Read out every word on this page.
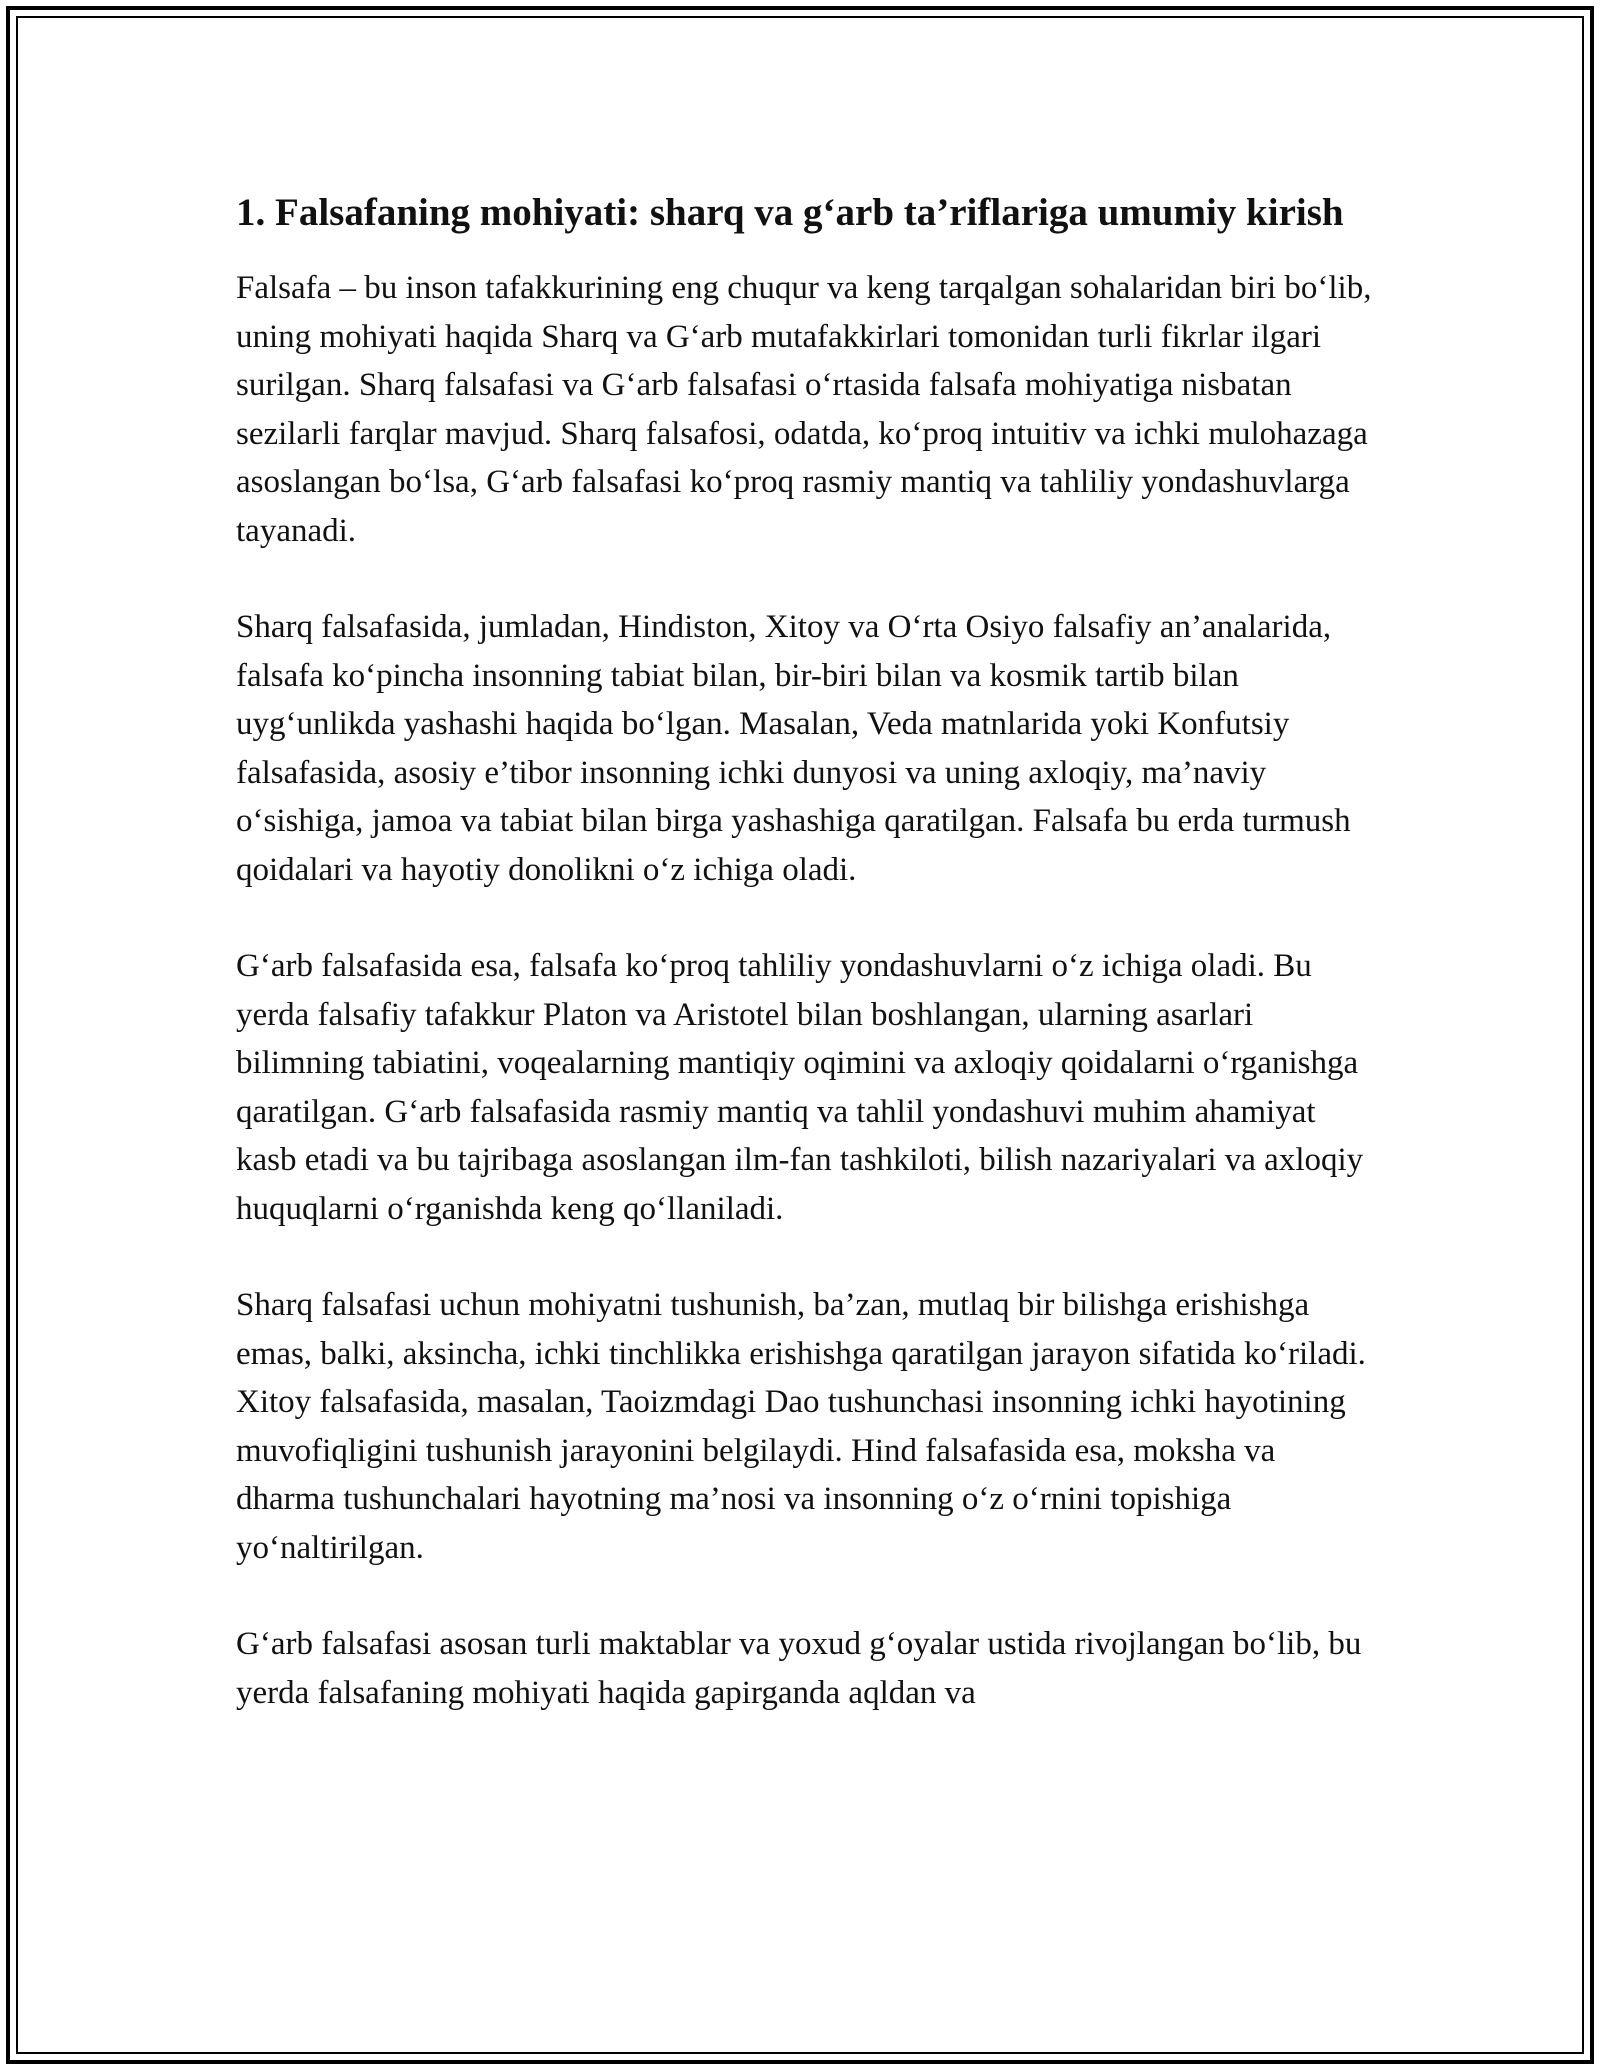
1. Falsafaning mohiyati: sharq va g‘arb ta’riflariga umumiy kirish

Falsafa – bu inson tafakkurining eng chuqur va keng tarqalgan sohalaridan biri bo‘lib, uning mohiyati haqida Sharq va G‘arb mutafakkirlari tomonidan turli fikrlar ilgari surilgan. Sharq falsafasi va G‘arb falsafasi o‘rtasida falsafa mohiyatiga nisbatan sezilarli farqlar mavjud. Sharq falsafosi, odatda, ko‘proq intuitiv va ichki mulohazaga asoslangan bo‘lsa, G‘arb falsafasi ko‘proq rasmiy mantiq va tahliliy yondashuvlarga tayanadi.

Sharq falsafasida, jumladan, Hindiston, Xitoy va O‘rta Osiyo falsafiy an’analarida, falsafa ko‘pincha insonning tabiat bilan, bir-biri bilan va kosmik tartib bilan uyg‘unlikda yashashi haqida bo‘lgan. Masalan, Veda matnlarida yoki Konfutsiy falsafasida, asosiy e’tibor insonning ichki dunyosi va uning axloqiy, ma’naviy o‘sishiga, jamoa va tabiat bilan birga yashashiga qaratilgan. Falsafa bu erda turmush qoidalari va hayotiy donolikni o‘z ichiga oladi.

G‘arb falsafasida esa, falsafa ko‘proq tahliliy yondashuvlarni o‘z ichiga oladi. Bu yerda falsafiy tafakkur Platon va Aristotel bilan boshlangan, ularning asarlari bilimning tabiatini, voqealarning mantiqiy oqimini va axloqiy qoidalarni o‘rganishga qaratilgan. G‘arb falsafasida rasmiy mantiq va tahlil yondashuvi muhim ahamiyat kasb etadi va bu tajribaga asoslangan ilm-fan tashkiloti, bilish nazariyalari va axloqiy huquqlarni o‘rganishda keng qo‘llaniladi.

Sharq falsafasi uchun mohiyatni tushunish, ba’zan, mutlaq bir bilishga erishishga emas, balki, aksincha, ichki tinchlikka erishishga qaratilgan jarayon sifatida ko‘riladi. Xitoy falsafasida, masalan, Taoizmdagi Dao tushunchasi insonning ichki hayotining muvofiqligini tushunish jarayonini belgilaydi. Hind falsafasida esa, moksha va dharma tushunchalari hayotning ma’nosi va insonning o‘z o‘rnini topishiga yo‘naltirilgan.

G‘arb falsafasi asosan turli maktablar va yoxud g‘oyalar ustida rivojlangan bo‘lib, bu yerda falsafaning mohiyati haqida gapirganda aqldan va
